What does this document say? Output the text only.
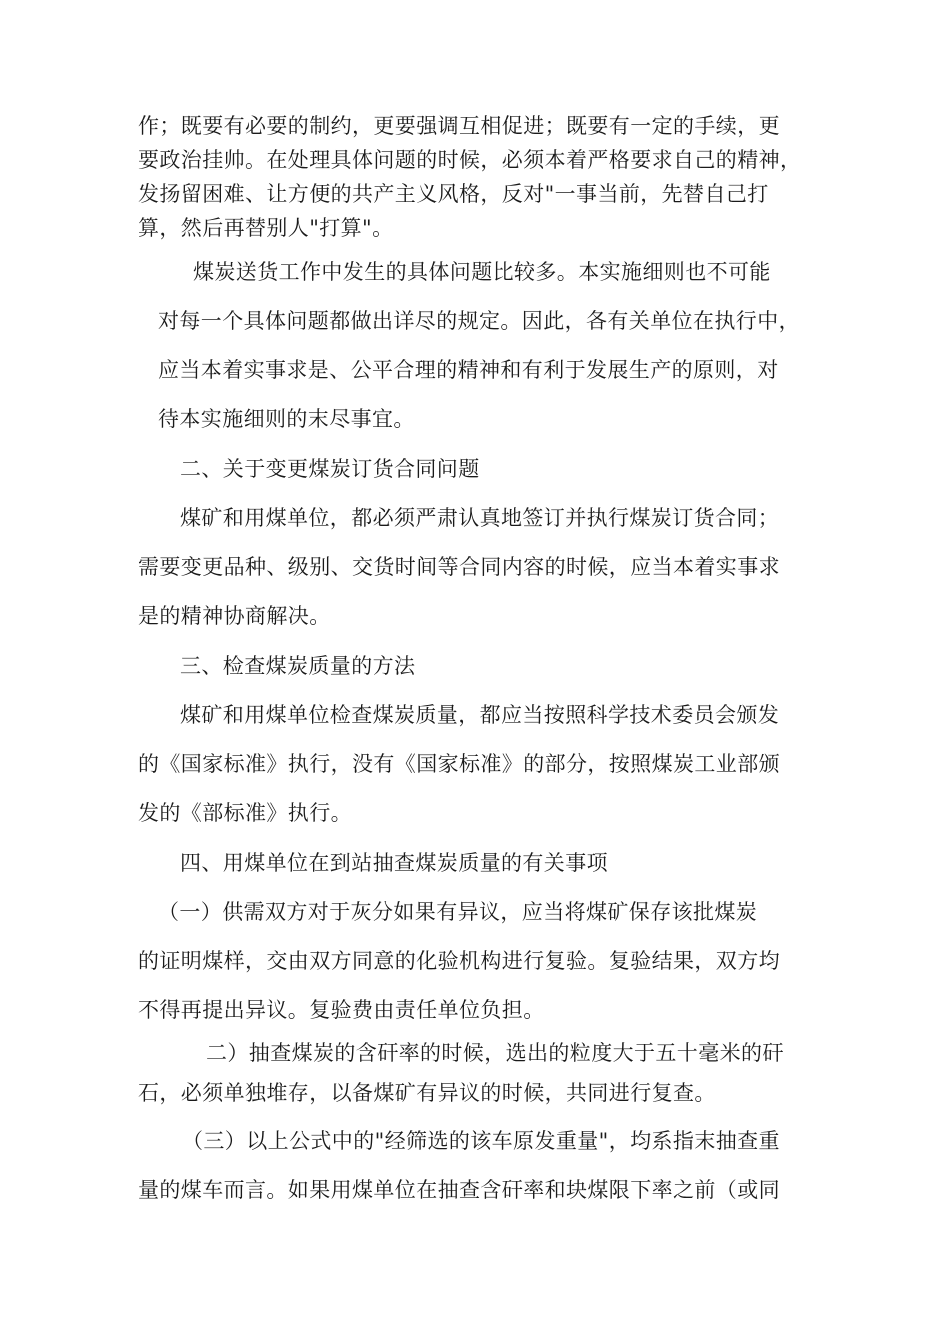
作；既要有必要的制约，更要强调互相促进；既要有一定的手续，更
要政治挂帅。在处理具体问题的时候，必须本着严格要求自己的精神，
发扬留困难、让方便的共产主义风格，反对"一事当前，先替自己打
算，然后再替别人"打算"。
煤炭送货工作中发生的具体问题比较多。本实施细则也不可能
对每一个具体问题都做出详尽的规定。因此，各有关单位在执行中，
应当本着实事求是、公平合理的精神和有利于发展生产的原则，对
待本实施细则的末尽事宜。
二、关于变更煤炭订货合同问题
煤矿和用煤单位，都必须严肃认真地签订并执行煤炭订货合同；
需要变更品种、级别、交货时间等合同内容的时候，应当本着实事求
是的精神协商解决。
三、检查煤炭质量的方法
煤矿和用煤单位检查煤炭质量，都应当按照科学技术委员会颁发
的《国家标准》执行，没有《国家标准》的部分，按照煤炭工业部颁
发的《部标准》执行。
四、用煤单位在到站抽查煤炭质量的有关事项
（一）供需双方对于灰分如果有异议，应当将煤矿保存该批煤炭
的证明煤样，交由双方同意的化验机构进行复验。复验结果，双方均
不得再提出异议。复验费由责任单位负担。
二）抽查煤炭的含矸率的时候，选出的粒度大于五十毫米的矸
石，必须单独堆存，以备煤矿有异议的时候，共同进行复查。
（三）以上公式中的"经筛选的该车原发重量"，均系指末抽查重
量的煤车而言。如果用煤单位在抽查含矸率和块煤限下率之前（或同
